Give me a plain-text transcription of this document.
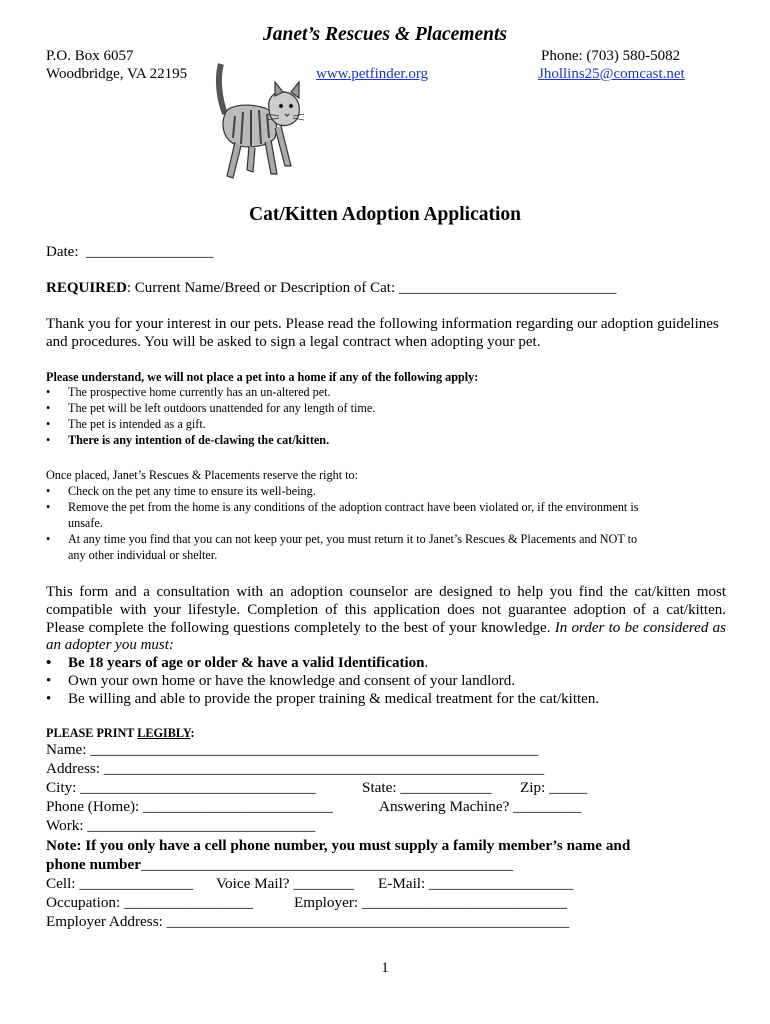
Janet’s Rescues & Placements
P.O. Box 6057
Woodbridge, VA 22195	www.petfinder.org
Phone: (703) 580-5082
Jhollins25@comcast.net
Cat/Kitten Adoption Application
Date:  _________________
REQUIRED: Current Name/Breed or Description of Cat: _____________________________
Thank you for your interest in our pets. Please read the following information regarding our adoption guidelines
and procedures. You will be asked to sign a legal contract when adopting your pet.
Please understand, we will not place a pet into a home if any of the following apply:
• The prospective home currently has an un-altered pet.
• The pet will be left outdoors unattended for any length of time.
• The pet is intended as a gift.
• There is any intention of de-clawing the cat/kitten.
Once placed, Janet’s Rescues & Placements reserve the right to:
• Check on the pet any time to ensure its well-being.
• Remove the pet from the home is any conditions of the adoption contract have been violated or, if the environment is
unsafe.
• At any time you find that you can not keep your pet, you must return it to Janet’s Rescues & Placements and NOT to
any other individual or shelter.
This form and a consultation with an adoption counselor are designed to help you find the cat/kitten most
compatible with your lifestyle. Completion of this application does not guarantee adoption of a cat/kitten.
Please complete the following questions completely to the best of your knowledge. In order to be considered as
an adopter you must:
• Be 18 years of age or older & have a valid Identification.
• Own your own home or have the knowledge and consent of your landlord.
• Be willing and able to provide the proper training & medical treatment for the cat/kitten.
PLEASE PRINT LEGIBLY:
Name: ___________________________________________________________
Address: __________________________________________________________
City: _______________________________	State: ____________ Zip: _____
Phone (Home): _________________________	Answering Machine? _________
Work: ______________________________
Note: If you only have a cell phone number, you must supply a family member’s name and
phone number_________________________________________________
Cell: _______________ Voice Mail? ________ E-Mail: ___________________
Occupation: _________________	Employer: ___________________________
Employer Address: _____________________________________________________
1
